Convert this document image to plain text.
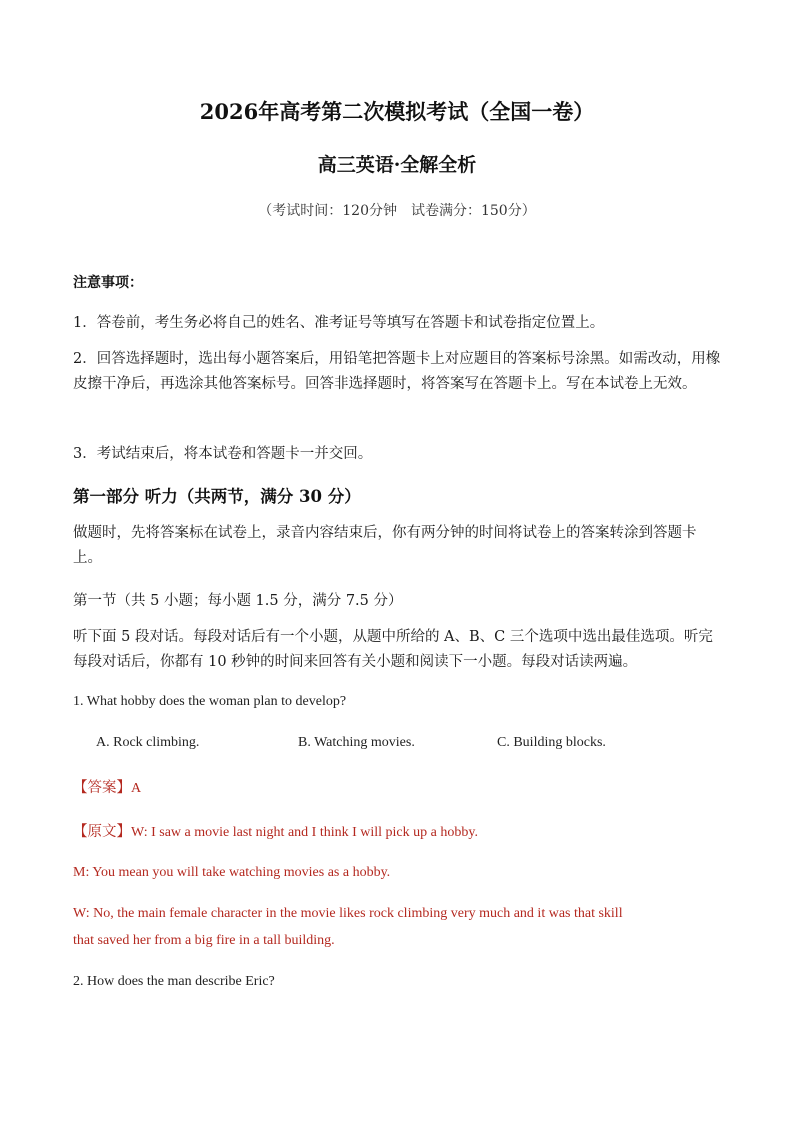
2026年高考第二次模拟考试（全国一卷）
高三英语·全解全析
（考试时间：120分钟　试卷满分：150分）
注意事项：
1．答卷前，考生务必将自己的姓名、准考证号等填写在答题卡和试卷指定位置上。
2．回答选择题时，选出每小题答案后，用铅笔把答题卡上对应题目的答案标号涂黑。如需改动，用橡皮擦干净后，再选涂其他答案标号。回答非选择题时，将答案写在答题卡上。写在本试卷上无效。
3．考试结束后，将本试卷和答题卡一并交回。
第一部分 听力（共两节，满分 30 分）
做题时，先将答案标在试卷上，录音内容结束后，你有两分钟的时间将试卷上的答案转涂到答题卡上。
第一节（共 5 小题；每小题 1.5 分，满分 7.5 分）
听下面 5 段对话。每段对话后有一个小题，从题中所给的 A、B、C 三个选项中选出最佳选项。听完每段对话后，你都有 10 秒钟的时间来回答有关小题和阅读下一小题。每段对话读两遍。
1. What hobby does the woman plan to develop?
A. Rock climbing.	B. Watching movies.	C. Building blocks.
【答案】A
【原文】W: I saw a movie last night and I think I will pick up a hobby.
M: You mean you will take watching movies as a hobby.
W: No, the main female character in the movie likes rock climbing very much and it was that skill
that saved her from a big fire in a tall building.
2. How does the man describe Eric?
